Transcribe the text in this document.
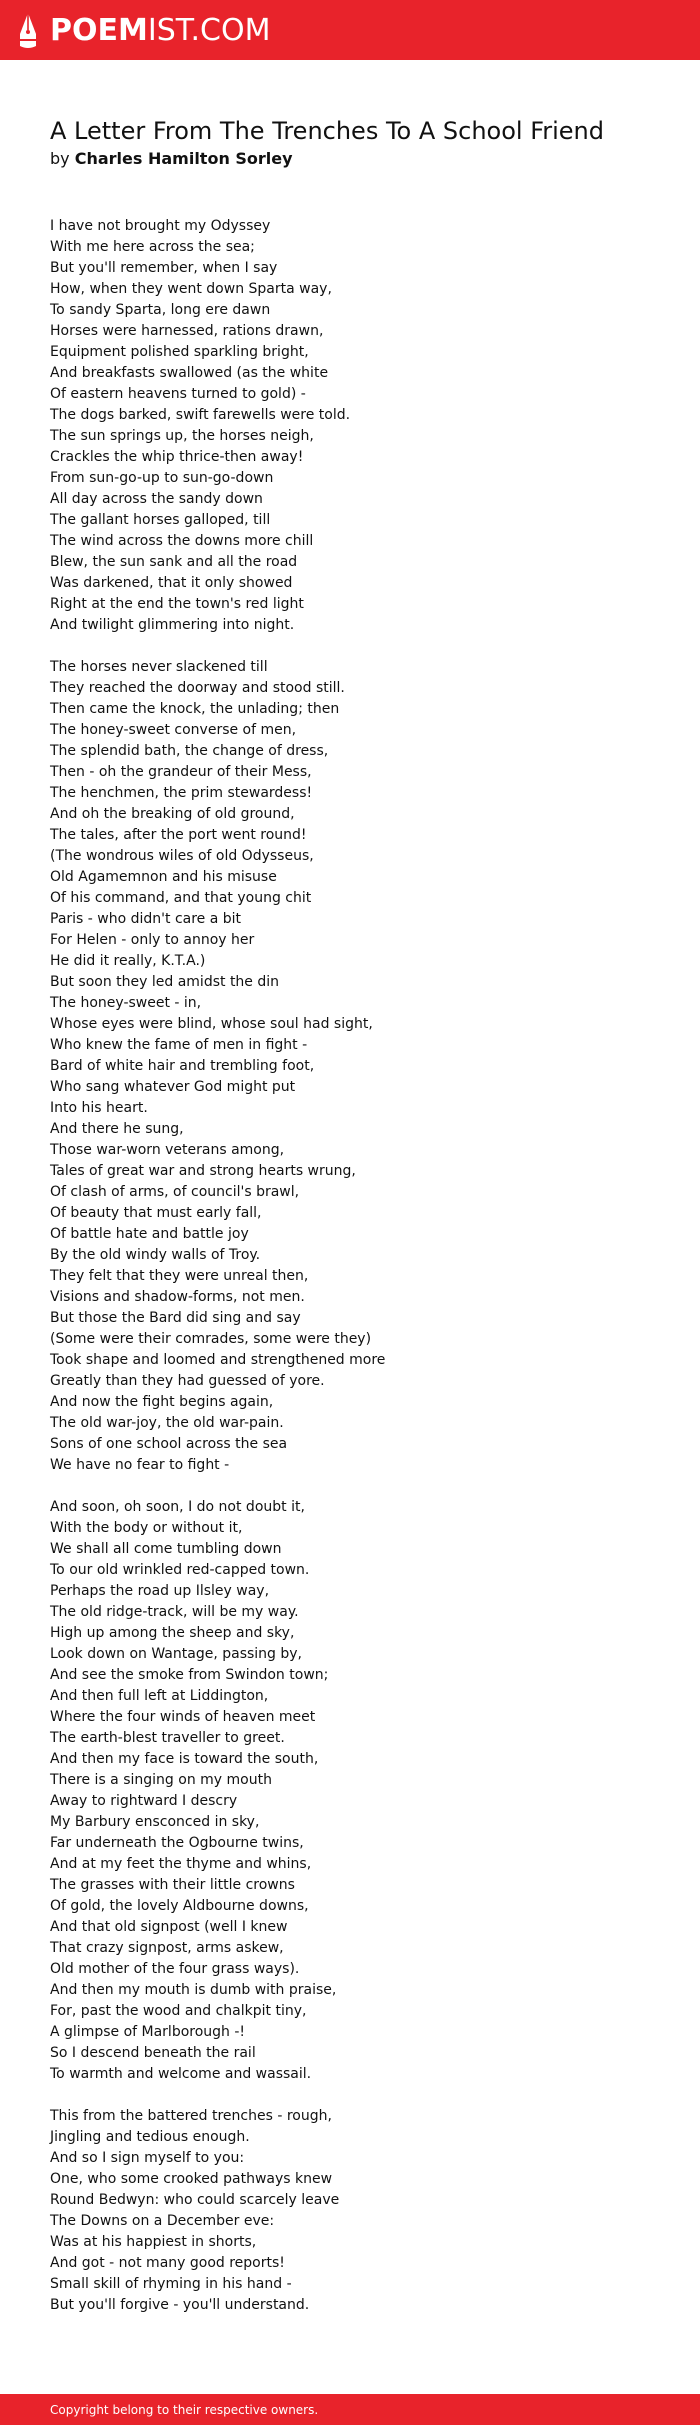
POEMIST.COM
A Letter From The Trenches To A School Friend
by Charles Hamilton Sorley
I have not brought my Odyssey
With me here across the sea;
But you'll remember, when I say
How, when they went down Sparta way,
To sandy Sparta, long ere dawn
Horses were harnessed, rations drawn,
Equipment polished sparkling bright,
And breakfasts swallowed (as the white
Of eastern heavens turned to gold) -
The dogs barked, swift farewells were told.
The sun springs up, the horses neigh,
Crackles the whip thrice-then away!
From sun-go-up to sun-go-down
All day across the sandy down
The gallant horses galloped, till
The wind across the downs more chill
Blew, the sun sank and all the road
Was darkened, that it only showed
Right at the end the town's red light
And twilight glimmering into night.
The horses never slackened till
They reached the doorway and stood still.
Then came the knock, the unlading; then
The honey-sweet converse of men,
The splendid bath, the change of dress,
Then - oh the grandeur of their Mess,
The henchmen, the prim stewardess!
And oh the breaking of old ground,
The tales, after the port went round!
(The wondrous wiles of old Odysseus,
Old Agamemnon and his misuse
Of his command, and that young chit
Paris - who didn't care a bit
For Helen - only to annoy her
He did it really, K.T.A.)
But soon they led amidst the din
The honey-sweet - in,
Whose eyes were blind, whose soul had sight,
Who knew the fame of men in fight -
Bard of white hair and trembling foot,
Who sang whatever God might put
Into his heart.
And there he sung,
Those war-worn veterans among,
Tales of great war and strong hearts wrung,
Of clash of arms, of council's brawl,
Of beauty that must early fall,
Of battle hate and battle joy
By the old windy walls of Troy.
They felt that they were unreal then,
Visions and shadow-forms, not men.
But those the Bard did sing and say
(Some were their comrades, some were they)
Took shape and loomed and strengthened more
Greatly than they had guessed of yore.
And now the fight begins again,
The old war-joy, the old war-pain.
Sons of one school across the sea
We have no fear to fight -
And soon, oh soon, I do not doubt it,
With the body or without it,
We shall all come tumbling down
To our old wrinkled red-capped town.
Perhaps the road up Ilsley way,
The old ridge-track, will be my way.
High up among the sheep and sky,
Look down on Wantage, passing by,
And see the smoke from Swindon town;
And then full left at Liddington,
Where the four winds of heaven meet
The earth-blest traveller to greet.
And then my face is toward the south,
There is a singing on my mouth
Away to rightward I descry
My Barbury ensconced in sky,
Far underneath the Ogbourne twins,
And at my feet the thyme and whins,
The grasses with their little crowns
Of gold, the lovely Aldbourne downs,
And that old signpost (well I knew
That crazy signpost, arms askew,
Old mother of the four grass ways).
And then my mouth is dumb with praise,
For, past the wood and chalkpit tiny,
A glimpse of Marlborough -!
So I descend beneath the rail
To warmth and welcome and wassail.
This from the battered trenches - rough,
Jingling and tedious enough.
And so I sign myself to you:
One, who some crooked pathways knew
Round Bedwyn: who could scarcely leave
The Downs on a December eve:
Was at his happiest in shorts,
And got - not many good reports!
Small skill of rhyming in his hand -
But you'll forgive - you'll understand.
Copyright belong to their respective owners.
